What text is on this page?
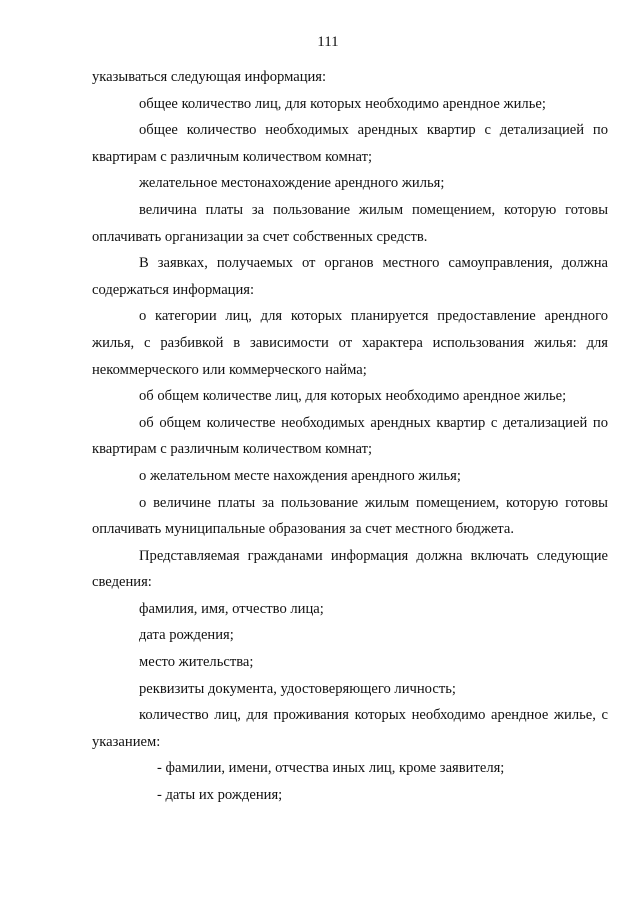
111

указываться следующая информация:

общее количество лиц, для которых необходимо арендное жилье;

общее количество необходимых арендных квартир с детализацией по квартирам с различным количеством комнат;

желательное местонахождение арендного жилья;

величина платы за пользование жилым помещением, которую готовы оплачивать организации за счет собственных средств.

В заявках, получаемых от органов местного самоуправления, должна содержаться информация:

о категории лиц, для которых планируется предоставление арендного жилья, с разбивкой в зависимости от характера использования жилья: для некоммерческого или коммерческого найма;

об общем количестве лиц, для которых необходимо арендное жилье;

об общем количестве необходимых арендных квартир с детализацией по квартирам с различным количеством комнат;

о желательном месте нахождения арендного жилья;

о величине платы за пользование жилым помещением, которую готовы оплачивать муниципальные образования за счет местного бюджета.

Представляемая гражданами информация должна включать следующие сведения:

фамилия, имя, отчество лица;

дата рождения;

место жительства;

реквизиты документа, удостоверяющего личность;

количество лиц, для проживания которых необходимо арендное жилье, с указанием:

- фамилии, имени, отчества иных лиц, кроме заявителя;

- даты их рождения;
